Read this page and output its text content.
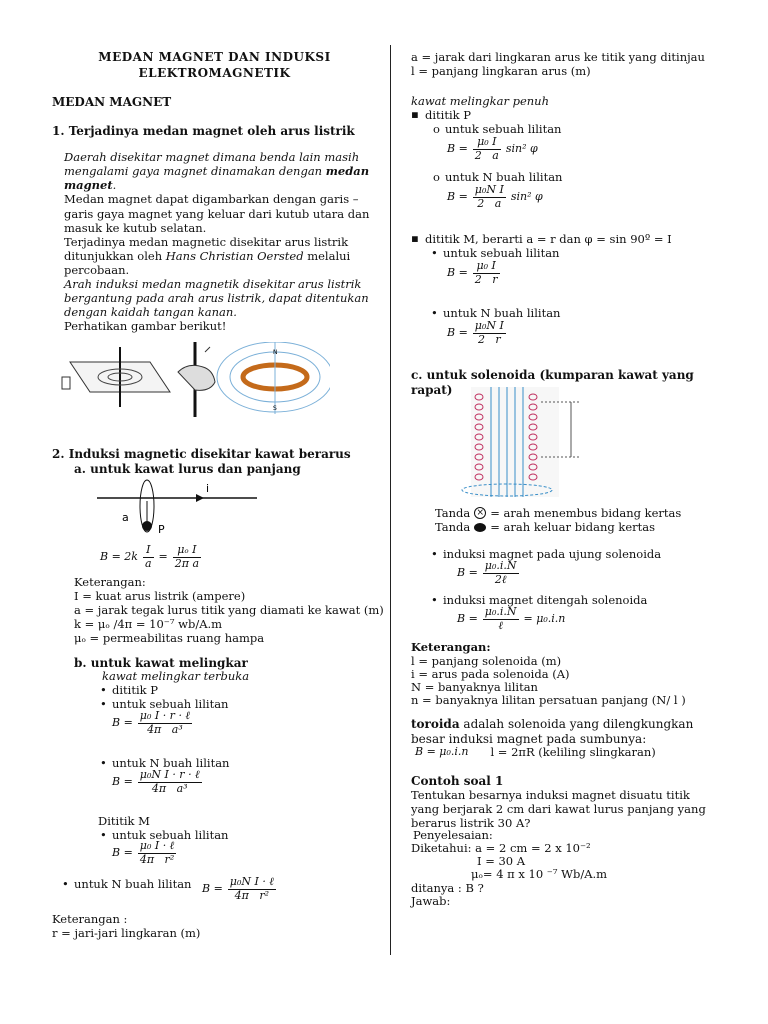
MEDAN MAGNET DAN INDUKSI
ELEKTROMAGNETIK
MEDAN MAGNET
1. Terjadinya medan magnet oleh arus listrik

Daerah disekitar magnet dimana benda lain masih mengalami gaya magnet dinamakan dengan medan magnet.

Medan magnet dapat digambarkan dengan garis – garis gaya magnet yang keluar dari kutub utara dan masuk ke kutub selatan.

Terjadinya medan magnetic disekitar arus listrik ditunjukkan oleh Hans Christian Oersted melalui percobaan.

Arah induksi medan magnetik disekitar arus listrik bergantung pada arah arus listrik, dapat ditentukan dengan kaidah tangan kanan.

Perhatikan gambar berikut!

N
S
2. Induksi magnetic disekitar kawat berarus
a. untuk kawat lurus dan panjang
i
a
P
$B = 2k \frac{I}{a} = \frac{\text{μₒ I}}{\text{2π a}}$
Keterangan:
I = kuat arus listrik (ampere)
a = jarak tegak lurus titik yang diamati ke kawat (m)
k = μₒ /4π = 10⁻⁷ wb/A.m
μₒ = permeabilitas ruang hampa
b. untuk kawat melingkar
kawat melingkar terbuka
• dititik P
• untuk sebuah lilitan
$B = \frac{\text{μ₀ I · r · ℓ}}{\text{4π   a³}}$
• untuk N buah lilitan
$B = \frac{\text{μ₀N I · r · ℓ}}{\text{4π   a³}}$
Dititik M
• untuk sebuah lilitan
$B = \frac{\text{μ₀ I · ℓ}}{\text{4π   r²}}$
• untuk N buah lilitan $B = \frac{\text{μ₀N I · ℓ}}{\text{4π   r²}}$
Keterangan :
r = jari-jari lingkaran (m)
a = jarak dari lingkaran arus ke titik yang ditinjau
l = panjang lingkaran arus (m)
kawat melingkar penuh
▪ dititik P
o untuk sebuah lilitan
$B = \frac{\text{μ₀ I}}{2 a} \sin^2$ φ
o untuk N buah lilitan
$B = \frac{\text{μ₀N I}}{2 a} \sin^2$ φ
▪ dititik M, berarti a = r dan φ = sin 90º = I
• untuk sebuah lilitan
$B = \frac{\text{μ₀ I}}{2 r}$
• untuk N buah lilitan
$B = \frac{\text{μ₀N I}}{2 r}$
c. untuk solenoida (kumparan kawat yang rapat)
Tanda × = arah menembus bidang kertas
Tanda = arah keluar bidang kertas
• induksi magnet pada ujung solenoida
$B = \frac{\text{μ₀.i.N}}{\text{2ℓ}}$
• induksi magnet ditengah solenoida
$B = \frac{\text{μ₀.i.N}}{\text{ℓ}} = \mu_0.i.n$
Keterangan:
l = panjang solenoida (m)
i = arus pada solenoida (A)
N = banyaknya lilitan
n = banyaknya lilitan persatuan panjang (N/ l )
toroida adalah solenoida yang dilengkungkan besar induksi magnet pada sumbunya:
B = μ₀.i.n l = 2πR (keliling slingkaran)
Contoh soal 1
Tentukan besarnya induksi magnet disuatu titik yang berjarak 2 cm dari kawat lurus panjang yang berarus listrik 30 A?
Penyelesaian:
Diketahui: a = 2 cm = 2 x 10⁻²
I = 30 A
μₒ= 4 π x 10 ⁻⁷ Wb/A.m
ditanya : B ?
Jawab:
